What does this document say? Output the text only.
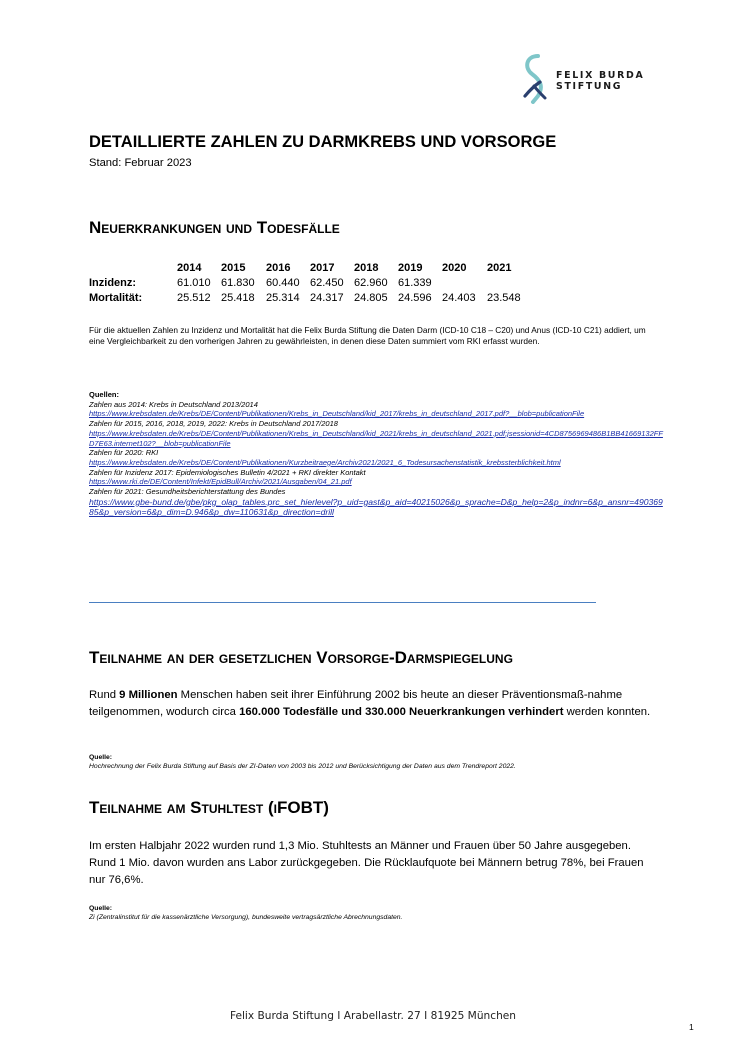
FELIX BURDA
STIFTUNG
DETAILLIERTE ZAHLEN ZU DARMKREBS UND VORSORGE
Stand: Februar 2023
Neuerkrankungen und Todesfälle
2014 2015 2016 2017 2018 2019 2020 2021
Inzidenz:	61.010 61.830 60.440 62.450 62.960 61.339
Mortalität:	25.512 25.418 25.314 24.317 24.805 24.596 24.403 23.548
Für die aktuellen Zahlen zu Inzidenz und Mortalität hat die Felix Burda Stiftung die Daten Darm (ICD-10 C18 – C20) und Anus (ICD-10 C21) addiert, um eine Vergleichbarkeit zu den vorherigen Jahren zu gewährleisten, in denen diese Daten summiert vom RKI erfasst wurden.
Quellen:
Zahlen aus 2014: Krebs in Deutschland 2013/2014
https://www.krebsdaten.de/Krebs/DE/Content/Publikationen/Krebs_in_Deutschland/kid_2017/krebs_in_deutschland_2017.pdf?__blob=publicationFile
Zahlen für 2015, 2016, 2018, 2019, 2022: Krebs in Deutschland 2017/2018
https://www.krebsdaten.de/Krebs/DE/Content/Publikationen/Krebs_in_Deutschland/kid_2021/krebs_in_deutschland_2021.pdf;jsessionid=4CD8756969486B1BB41669132FFD7E63.internet102?__blob=publicationFile
Zahlen für 2020: RKI
https://www.krebsdaten.de/Krebs/DE/Content/Publikationen/Kurzbeitraege/Archiv2021/2021_6_Todesursachenstatistik_krebssterblichkeit.html
Zahlen für Inzidenz 2017: Epidemiologisches Bulletin 4/2021 + RKI direkter Kontakt
https://www.rki.de/DE/Content/Infekt/EpidBull/Archiv/2021/Ausgaben/04_21.pdf
Zahlen für 2021: Gesundheitsberichterstattung des Bundes
https://www.gbe-bund.de/gbe/pkg_olap_tables.prc_set_hierlevel?p_uid=gast&p_aid=40215026&p_sprache=D&p_help=2&p_indnr=6&p_ansnr=49036985&p_version=6&p_dim=D.946&p_dw=110631&p_direction=drill
Teilnahme an der gesetzlichen Vorsorge-Darmspiegelung
Rund 9 Millionen Menschen haben seit ihrer Einführung 2002 bis heute an dieser Präventionsmaß-nahme teilgenommen, wodurch circa 160.000 Todesfälle und 330.000 Neuerkrankungen verhindert werden konnten.
Quelle:
Hochrechnung der Felix Burda Stiftung auf Basis der ZI-Daten von 2003 bis 2012 und Berücksichtigung der Daten aus dem Trendreport 2022.
Teilnahme am Stuhltest (iFOBT)
Im ersten Halbjahr 2022 wurden rund 1,3 Mio. Stuhltests an Männer und Frauen über 50 Jahre ausgegeben. Rund 1 Mio. davon wurden ans Labor zurückgegeben. Die Rücklaufquote bei Männern betrug 78%, bei Frauen nur 76,6%.
Quelle:
Zi (Zentralinstitut für die kassenärztliche Versorgung), bundesweite vertragsärztliche Abrechnungsdaten.
Felix Burda Stiftung I Arabellastr. 27 I 81925 München
1
